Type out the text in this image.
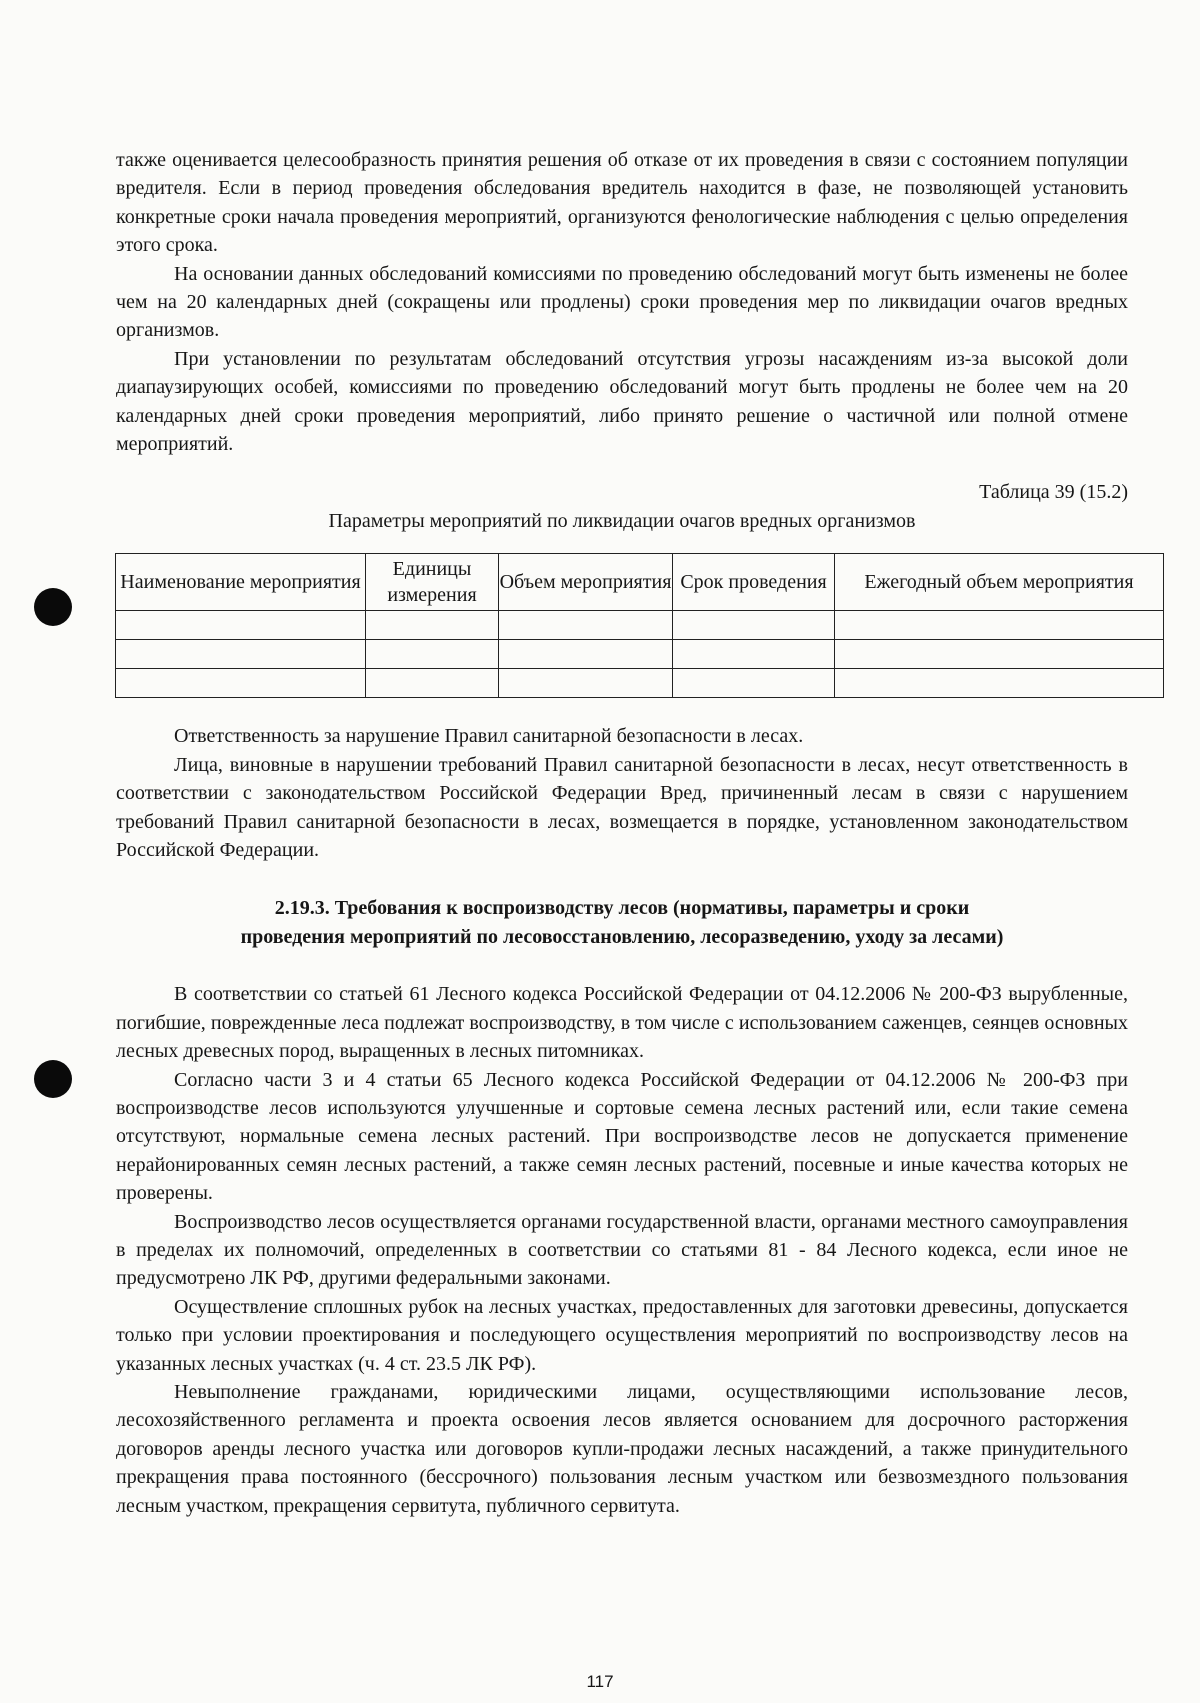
также оценивается целесообразность принятия решения об отказе от их проведения в связи с состоянием популяции вредителя. Если в период проведения обследования вредитель находится в фазе, не позволяющей установить конкретные сроки начала проведения мероприятий, организуются фенологические наблюдения с целью определения этого срока.

На основании данных обследований комиссиями по проведению обследований могут быть изменены не более чем на 20 календарных дней (сокращены или продлены) сроки проведения мер по ликвидации очагов вредных организмов.

При установлении по результатам обследований отсутствия угрозы насаждениям из-за высокой доли диапаузирующих особей, комиссиями по проведению обследований могут быть продлены не более чем на 20 календарных дней сроки проведения мероприятий, либо принято решение о частичной или полной отмене мероприятий.

Таблица 39 (15.2)
Параметры мероприятий по ликвидации очагов вредных организмов
Наименование мероприятия	Единицы измерения	Объем мероприятия	Срок проведения	Ежегодный объем мероприятия

Ответственность за нарушение Правил санитарной безопасности в лесах.

Лица, виновные в нарушении требований Правил санитарной безопасности в лесах, несут ответственность в соответствии с законодательством Российской Федерации Вред, причиненный лесам в связи с нарушением требований Правил санитарной безопасности в лесах, возмещается в порядке, установленном законодательством Российской Федерации.

2.19.3. Требования к воспроизводству лесов (нормативы, параметры и сроки
проведения мероприятий по лесовосстановлению, лесоразведению, уходу за лесами)

В соответствии со статьей 61 Лесного кодекса Российской Федерации от 04.12.2006 № 200-ФЗ вырубленные, погибшие, поврежденные леса подлежат воспроизводству, в том числе с использованием саженцев, сеянцев основных лесных древесных пород, выращенных в лесных питомниках.

Согласно части 3 и 4 статьи 65 Лесного кодекса Российской Федерации от 04.12.2006 № 200-ФЗ при воспроизводстве лесов используются улучшенные и сортовые семена лесных растений или, если такие семена отсутствуют, нормальные семена лесных растений. При воспроизводстве лесов не допускается применение нерайонированных семян лесных растений, а также семян лесных растений, посевные и иные качества которых не проверены.

Воспроизводство лесов осуществляется органами государственной власти, органами местного самоуправления в пределах их полномочий, определенных в соответствии со статьями 81 - 84 Лесного кодекса, если иное не предусмотрено ЛК РФ, другими федеральными законами.

Осуществление сплошных рубок на лесных участках, предоставленных для заготовки древесины, допускается только при условии проектирования и последующего осуществления мероприятий по воспроизводству лесов на указанных лесных участках (ч. 4 ст. 23.5 ЛК РФ).

Невыполнение гражданами, юридическими лицами, осуществляющими использование лесов, лесохозяйственного регламента и проекта освоения лесов является основанием для досрочного расторжения договоров аренды лесного участка или договоров купли-продажи лесных насаждений, а также принудительного прекращения права постоянного (бессрочного) пользования лесным участком или безвозмездного пользования лесным участком, прекращения сервитута, публичного сервитута.

117
